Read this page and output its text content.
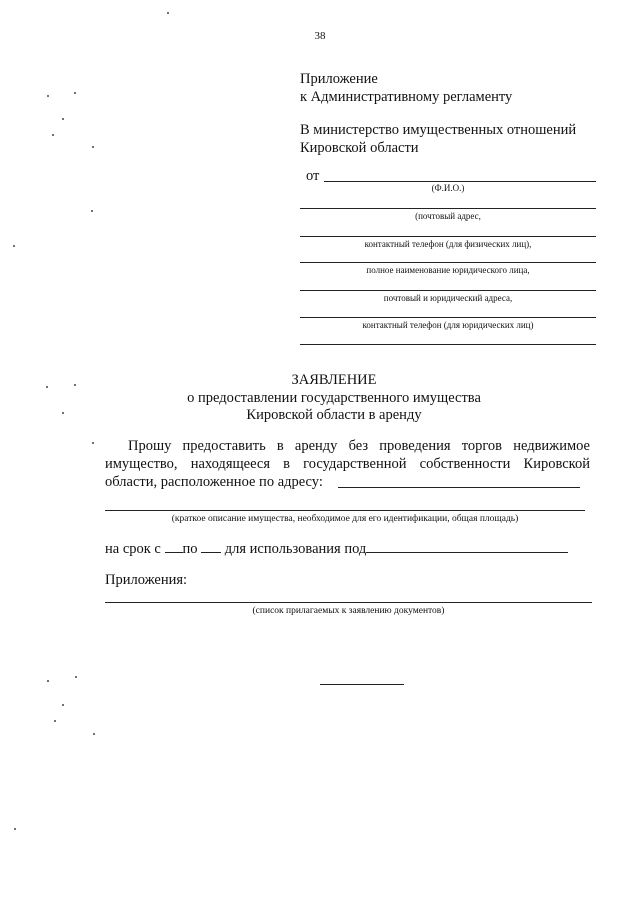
38
Приложение
к Административному регламенту
В министерство имущественных отношений
Кировской области
от
(Ф.И.О.)
(почтовый адрес,
контактный телефон (для физических лиц),
полное наименование юридического лица,
почтовый и юридический адреса,
контактный телефон (для юридических лиц)
ЗАЯВЛЕНИЕ
о предоставлении государственного имущества
Кировской области в аренду
Прошу предоставить в аренду без проведения торгов недвижимое
имущество, находящееся в государственной собственности Кировской
области, расположенное по адресу:
(краткое описание имущества, необходимое для его идентификации, общая площадь)
на срок с по для использования под
Приложения:
(список прилагаемых к заявлению документов)
